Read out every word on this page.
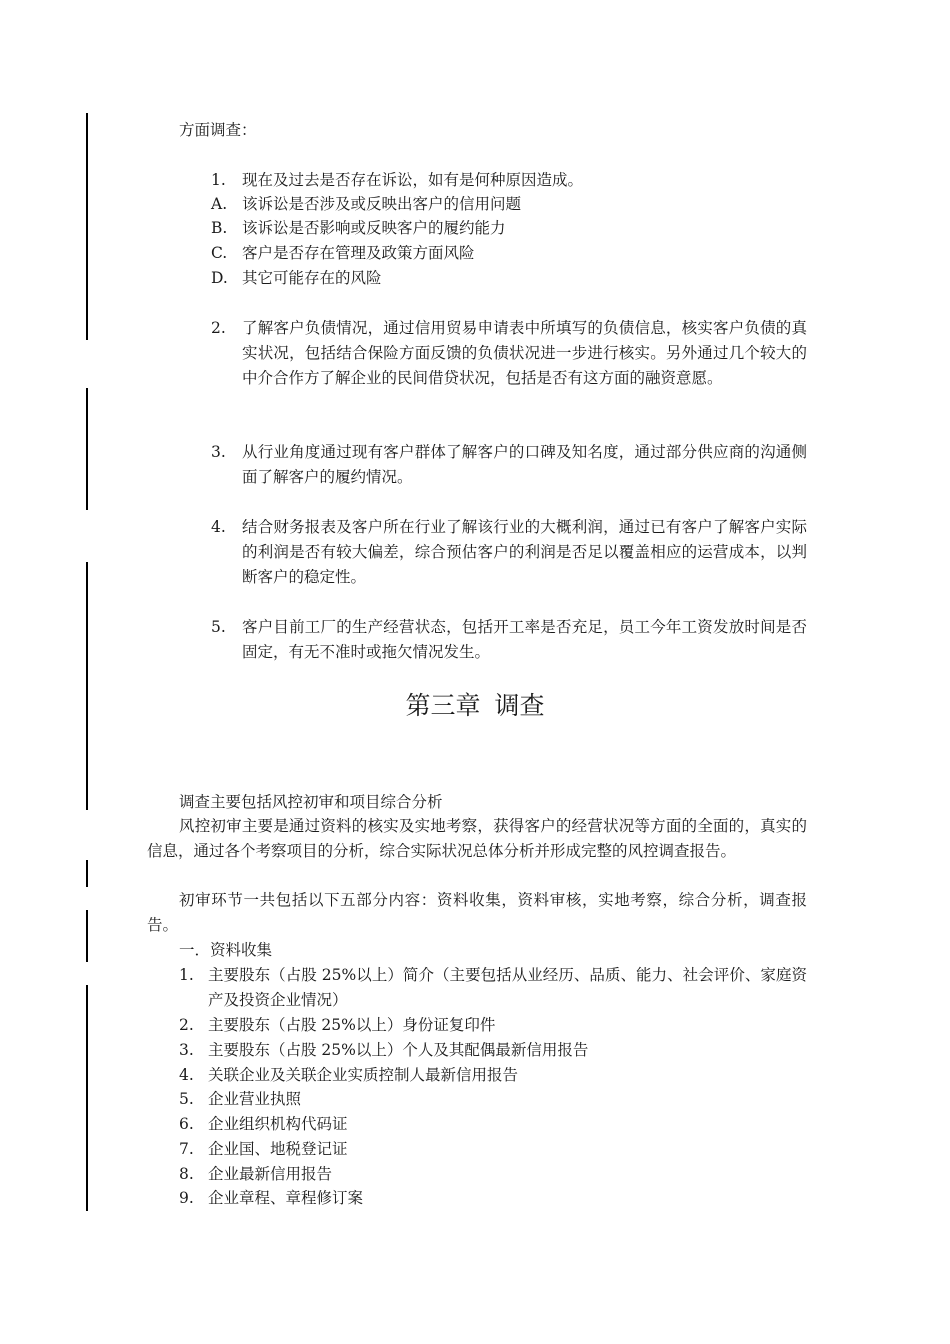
方面调查：
1. 现在及过去是否存在诉讼，如有是何种原因造成。
A. 该诉讼是否涉及或反映出客户的信用问题
B. 该诉讼是否影响或反映客户的履约能力
C. 客户是否存在管理及政策方面风险
D. 其它可能存在的风险
2. 了解客户负债情况，通过信用贸易申请表中所填写的负债信息，核实客户负债的真实状况，包括结合保险方面反馈的负债状况进一步进行核实。另外通过几个较大的中介合作方了解企业的民间借贷状况，包括是否有这方面的融资意愿。
3. 从行业角度通过现有客户群体了解客户的口碑及知名度，通过部分供应商的沟通侧面了解客户的履约情况。
4. 结合财务报表及客户所在行业了解该行业的大概利润，通过已有客户了解客户实际的利润是否有较大偏差，综合预估客户的利润是否足以覆盖相应的运营成本，以判断客户的稳定性。
5. 客户目前工厂的生产经营状态，包括开工率是否充足，员工今年工资发放时间是否固定，有无不准时或拖欠情况发生。
第三章 调查
调查主要包括风控初审和项目综合分析
风控初审主要是通过资料的核实及实地考察，获得客户的经营状况等方面的全面的，真实的信息，通过各个考察项目的分析，综合实际状况总体分析并形成完整的风控调查报告。
初审环节一共包括以下五部分内容：资料收集，资料审核，实地考察，综合分析，调查报告。
一．资料收集
1. 主要股东（占股 25%以上）简介（主要包括从业经历、品质、能力、社会评价、家庭资产及投资企业情况）
2. 主要股东（占股 25%以上）身份证复印件
3. 主要股东（占股 25%以上）个人及其配偶最新信用报告
4. 关联企业及关联企业实质控制人最新信用报告
5. 企业营业执照
6. 企业组织机构代码证
7. 企业国、地税登记证
8. 企业最新信用报告
9. 企业章程、章程修订案
